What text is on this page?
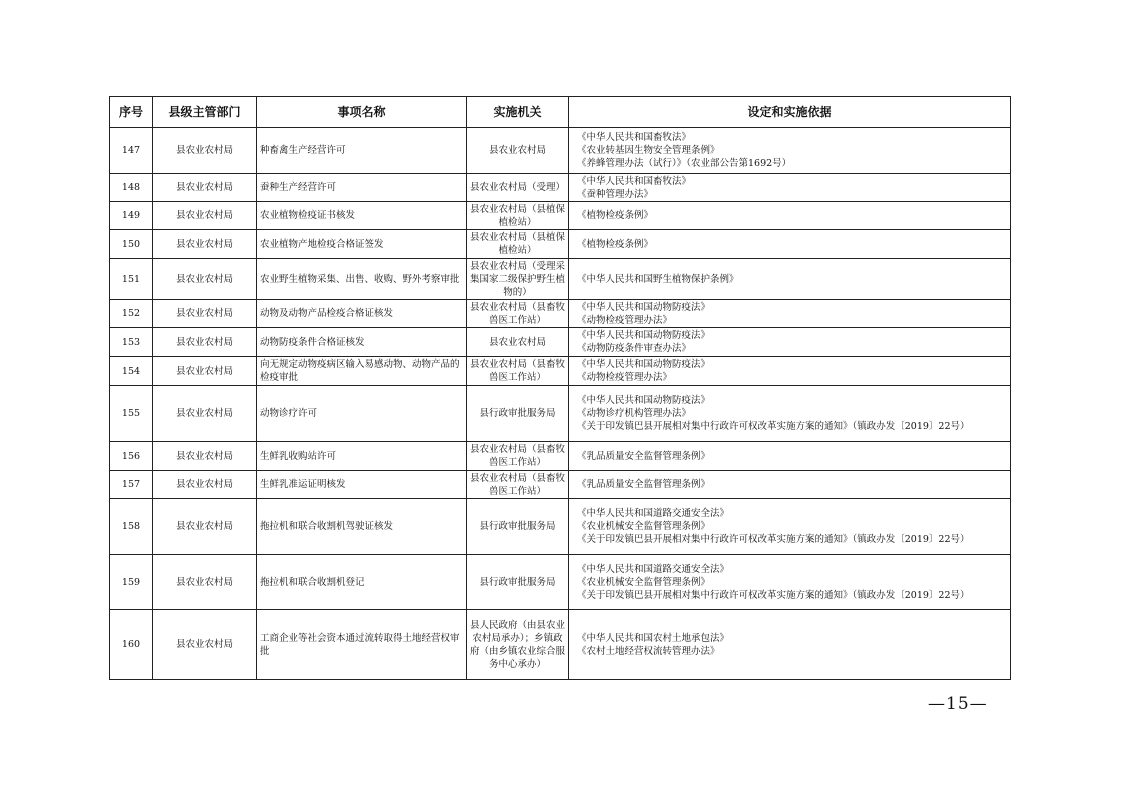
序号	县级主管部门	事项名称	实施机关	设定和实施依据
147	县农业农村局	种畜禽生产经营许可	县农业农村局	《中华人民共和国畜牧法》
《农业转基因生物安全管理条例》
《养蜂管理办法（试行）》（农业部公告第1692号）

148	县农业农村局	蚕种生产经营许可	县农业农村局（受理）	《中华人民共和国畜牧法》
《蚕种管理办法》

149	县农业农村局	农业植物检疫证书核发	县农业农村局（县植保植检站）	《植物检疫条例》

150	县农业农村局	农业植物产地检疫合格证签发	县农业农村局（县植保植检站）	《植物检疫条例》

151	县农业农村局	农业野生植物采集、出售、收购、野外考察审批	县农业农村局（受理采集国家二级保护野生植物的）	《中华人民共和国野生植物保护条例》

152	县农业农村局	动物及动物产品检疫合格证核发	县农业农村局（县畜牧兽医工作站）	《中华人民共和国动物防疫法》
《动物检疫管理办法》

153	县农业农村局	动物防疫条件合格证核发	县农业农村局	《中华人民共和国动物防疫法》
《动物防疫条件审查办法》

154	县农业农村局	向无规定动物疫病区输入易感动物、动物产品的检疫审批	县农业农村局（县畜牧兽医工作站）	《中华人民共和国动物防疫法》
《动物检疫管理办法》

155	县农业农村局	动物诊疗许可	县行政审批服务局	《中华人民共和国动物防疫法》
《动物诊疗机构管理办法》
《关于印发镇巴县开展相对集中行政许可权改革实施方案的通知》（镇政办发〔2019〕22号）

156	县农业农村局	生鲜乳收购站许可	县农业农村局（县畜牧兽医工作站）	《乳品质量安全监督管理条例》

157	县农业农村局	生鲜乳准运证明核发	县农业农村局（县畜牧兽医工作站）	《乳品质量安全监督管理条例》

158	县农业农村局	拖拉机和联合收割机驾驶证核发	县行政审批服务局	《中华人民共和国道路交通安全法》
《农业机械安全监督管理条例》
《关于印发镇巴县开展相对集中行政许可权改革实施方案的通知》（镇政办发〔2019〕22号）

159	县农业农村局	拖拉机和联合收割机登记	县行政审批服务局	《中华人民共和国道路交通安全法》
《农业机械安全监督管理条例》
《关于印发镇巴县开展相对集中行政许可权改革实施方案的通知》（镇政办发〔2019〕22号）

160	县农业农村局	工商企业等社会资本通过流转取得土地经营权审批	县人民政府（由县农业农村局承办）；乡镇政府（由乡镇农业综合服务中心承办）	《中华人民共和国农村土地承包法》
《农村土地经营权流转管理办法》
—15—
